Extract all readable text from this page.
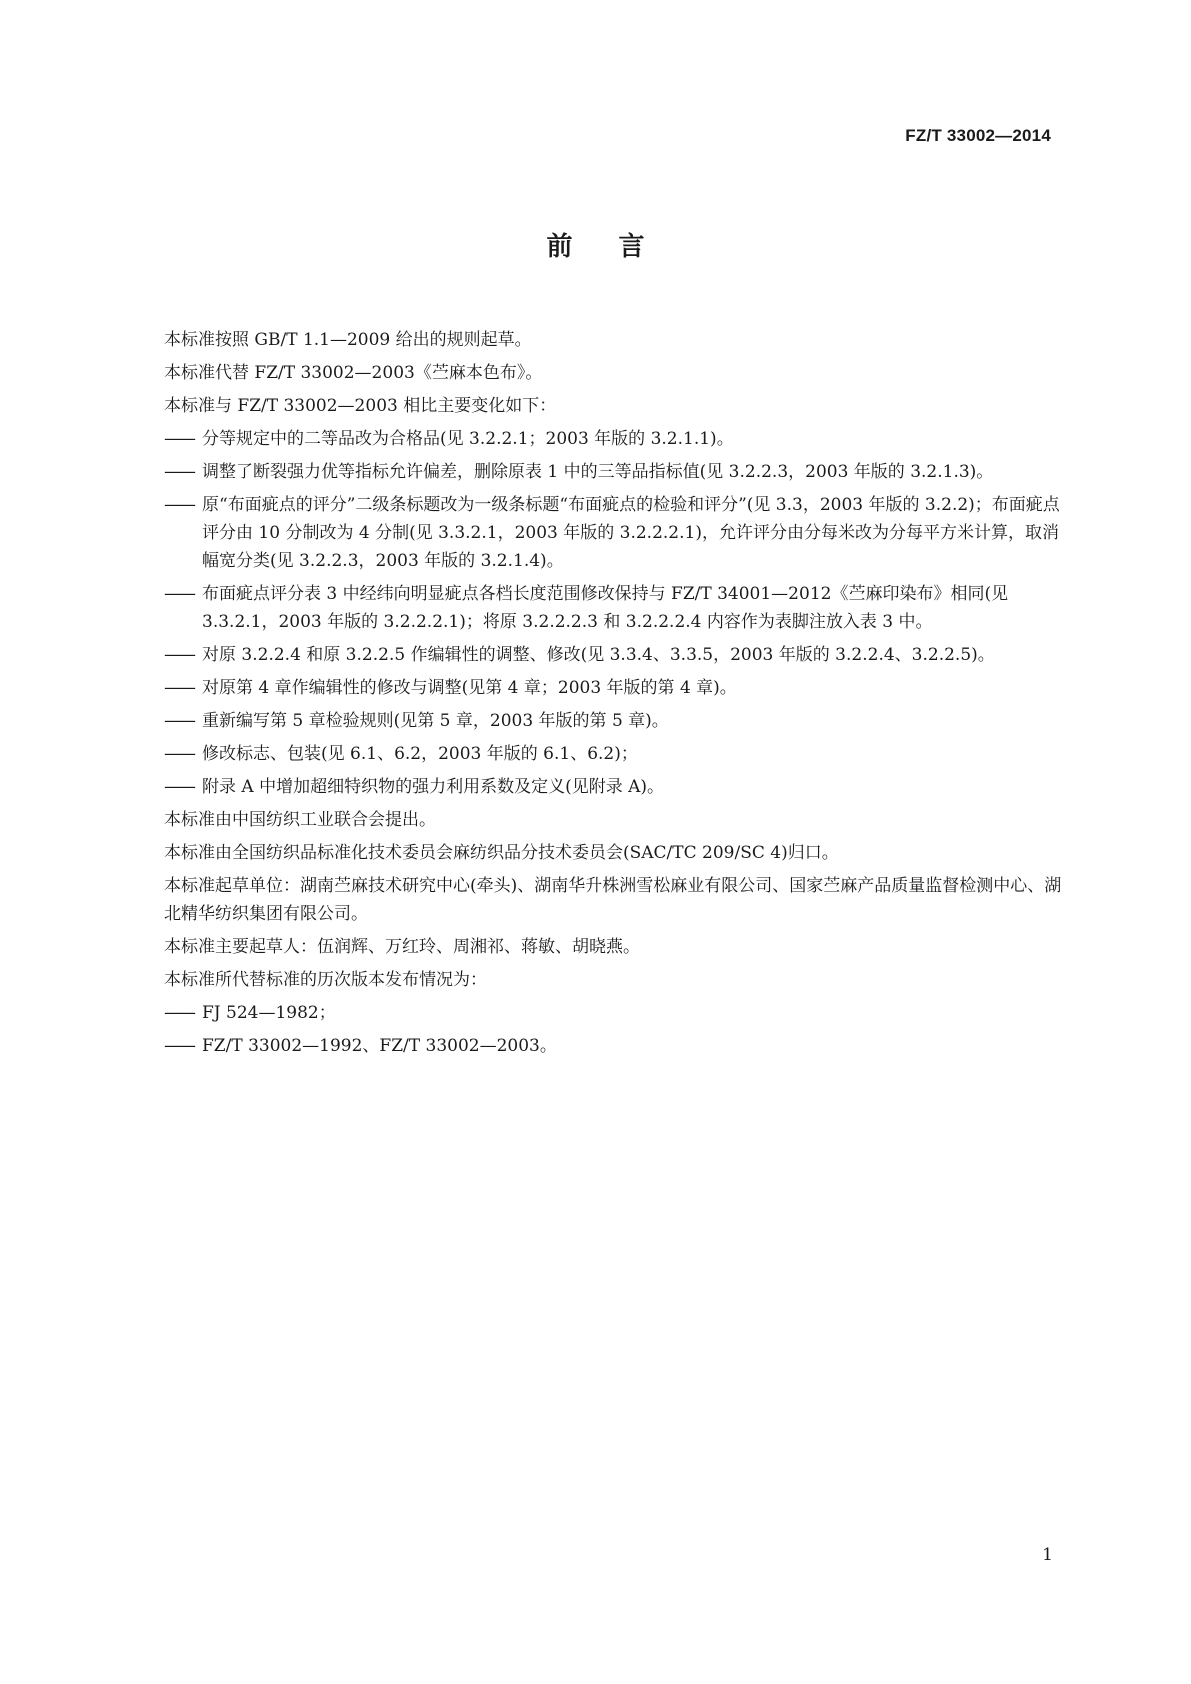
FZ/T 33002—2014
前言

本标准按照 GB/T 1.1—2009 给出的规则起草。

本标准代替 FZ/T 33002—2003《苎麻本色布》。

本标准与 FZ/T 33002—2003 相比主要变化如下：

—— 分等规定中的二等品改为合格品(见 3.2.2.1；2003 年版的 3.2.1.1)。
—— 调整了断裂强力优等指标允许偏差，删除原表 1 中的三等品指标值(见 3.2.2.3，2003 年版的 3.2.1.3)。
—— 原“布面疵点的评分”二级条标题改为一级条标题“布面疵点的检验和评分”(见 3.3，2003 年版的 3.2.2)；布面疵点评分由 10 分制改为 4 分制(见 3.3.2.1，2003 年版的 3.2.2.2.1)，允许评分由分每米改为分每平方米计算，取消幅宽分类(见 3.2.2.3，2003 年版的 3.2.1.4)。
—— 布面疵点评分表 3 中经纬向明显疵点各档长度范围修改保持与 FZ/T 34001—2012《苎麻印染布》相同(见 3.3.2.1，2003 年版的 3.2.2.2.1)；将原 3.2.2.2.3 和 3.2.2.2.4 内容作为表脚注放入表 3 中。
—— 对原 3.2.2.4 和原 3.2.2.5 作编辑性的调整、修改(见 3.3.4、3.3.5，2003 年版的 3.2.2.4、3.2.2.5)。
—— 对原第 4 章作编辑性的修改与调整(见第 4 章；2003 年版的第 4 章)。
—— 重新编写第 5 章检验规则(见第 5 章，2003 年版的第 5 章)。
—— 修改标志、包装(见 6.1、6.2，2003 年版的 6.1、6.2)；
—— 附录 A 中增加超细特织物的强力利用系数及定义(见附录 A)。

本标准由中国纺织工业联合会提出。

本标准由全国纺织品标准化技术委员会麻纺织品分技术委员会(SAC/TC 209/SC 4)归口。

本标准起草单位：湖南苎麻技术研究中心(牵头)、湖南华升株洲雪松麻业有限公司、国家苎麻产品质量监督检测中心、湖北精华纺织集团有限公司。

本标准主要起草人：伍润辉、万红玲、周湘祁、蒋敏、胡晓燕。

本标准所代替标准的历次版本发布情况为：

—— FJ 524—1982；
—— FZ/T 33002—1992、FZ/T 33002—2003。
1
